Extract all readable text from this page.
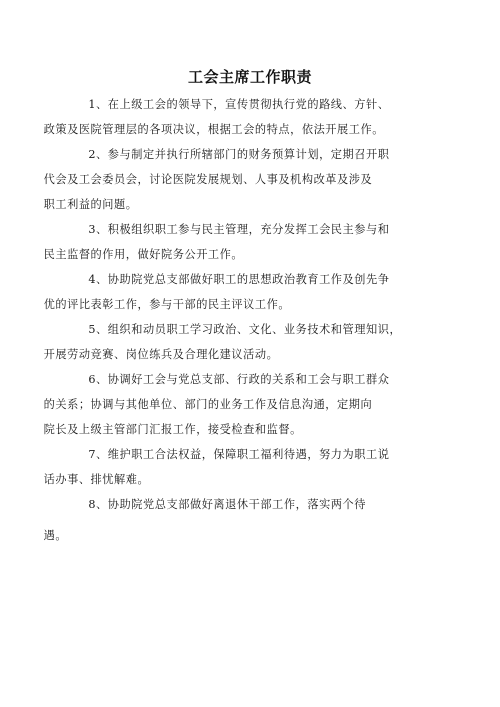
工会主席工作职责
1、在上级工会的领导下，宣传贯彻执行党的路线、方针、
政策及医院管理层的各项决议，根据工会的特点，依法开展工作。
2、参与制定并执行所辖部门的财务预算计划，定期召开职
代会及工会委员会，讨论医院发展规划、人事及机构改革及涉及
职工利益的问题。
3、积极组织职工参与民主管理，充分发挥工会民主参与和
民主监督的作用，做好院务公开工作。
4、协助院党总支部做好职工的思想政治教育工作及创先争
优的评比表彰工作，参与干部的民主评议工作。
5、组织和动员职工学习政治、文化、业务技术和管理知识，
开展劳动竞赛、岗位练兵及合理化建议活动。
6、协调好工会与党总支部、行政的关系和工会与职工群众
的关系；协调与其他单位、部门的业务工作及信息沟通，定期向
院长及上级主管部门汇报工作，接受检查和监督。
7、维护职工合法权益，保障职工福利待遇，努力为职工说
话办事、排忧解难。
8、协助院党总支部做好离退休干部工作，落实两个待
遇。
